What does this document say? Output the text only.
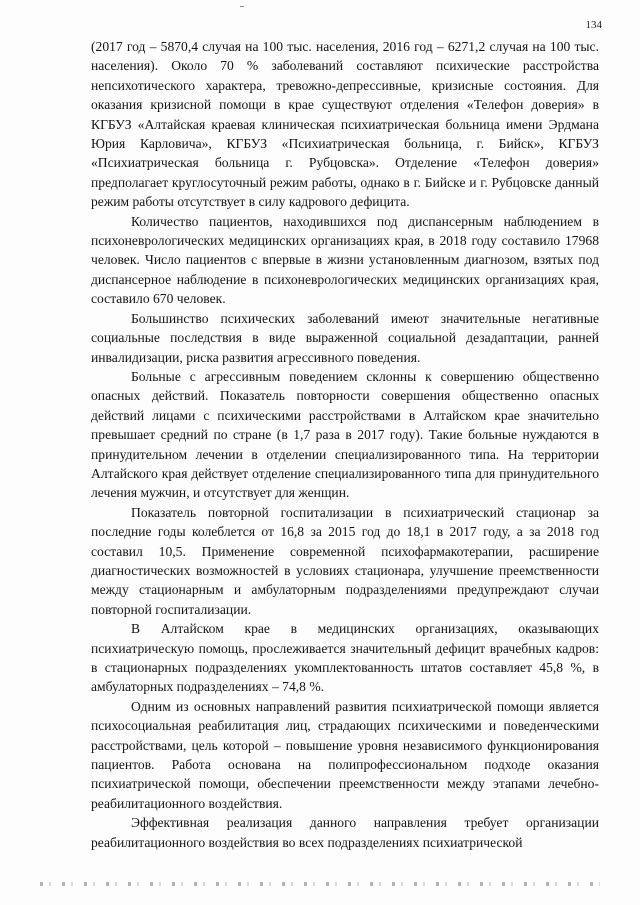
134

(2017 год – 5870,4 случая на 100 тыс. населения, 2016 год – 6271,2 случая на 100 тыс. населения). Около 70 % заболеваний составляют психические расстройства непсихотического характера, тревожно-депрессивные, кризисные состояния. Для оказания кризисной помощи в крае существуют отделения «Телефон доверия» в КГБУЗ «Алтайская краевая клиническая психиатрическая больница имени Эрдмана Юрия Карловича», КГБУЗ «Психиатрическая больница, г. Бийск», КГБУЗ «Психиатрическая больница г. Рубцовска». Отделение «Телефон доверия» предполагает круглосуточный режим работы, однако в г. Бийске и г. Рубцовске данный режим работы отсутствует в силу кадрового дефицита.

Количество пациентов, находившихся под диспансерным наблюдением в психоневрологических медицинских организациях края, в 2018 году составило 17968 человек. Число пациентов с впервые в жизни установленным диагнозом, взятых под диспансерное наблюдение в психоневрологических медицинских организациях края, составило 670 человек.

Большинство психических заболеваний имеют значительные негативные социальные последствия в виде выраженной социальной дезадаптации, ранней инвалидизации, риска развития агрессивного поведения.

Больные с агрессивным поведением склонны к совершению общественно опасных действий. Показатель повторности совершения общественно опасных действий лицами с психическими расстройствами в Алтайском крае значительно превышает средний по стране (в 1,7 раза в 2017 году). Такие больные нуждаются в принудительном лечении в отделении специализированного типа. На территории Алтайского края действует отделение специализированного типа для принудительного лечения мужчин, и отсутствует для женщин.

Показатель повторной госпитализации в психиатрический стационар за последние годы колеблется от 16,8 за 2015 год до 18,1 в 2017 году, а за 2018 год составил 10,5. Применение современной психофармакотерапии, расширение диагностических возможностей в условиях стационара, улучшение преемственности между стационарным и амбулаторным подразделениями предупреждают случаи повторной госпитализации.

В Алтайском крае в медицинских организациях, оказывающих психиатрическую помощь, прослеживается значительный дефицит врачебных кадров: в стационарных подразделениях укомплектованность штатов составляет 45,8 %, в амбулаторных подразделениях – 74,8 %.

Одним из основных направлений развития психиатрической помощи является психосоциальная реабилитация лиц, страдающих психическими и поведенческими расстройствами, цель которой – повышение уровня независимого функционирования пациентов. Работа основана на полипрофессиональном подходе оказания психиатрической помощи, обеспечении преемственности между этапами лечебно-реабилитационного воздействия.

Эффективная реализация данного направления требует организации реабилитационного воздействия во всех подразделениях психиатрической
